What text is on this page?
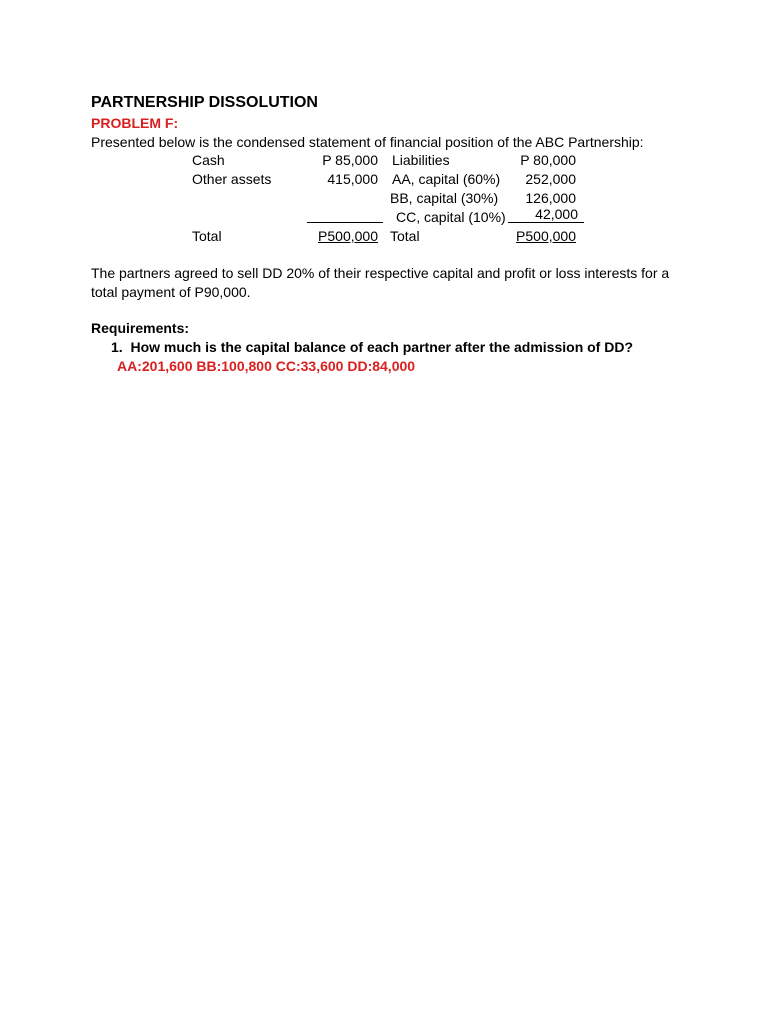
PARTNERSHIP DISSOLUTION
PROBLEM F:
Presented below is the condensed statement of financial position of the ABC Partnership:
Cash
Other assets
P 85,000
415,000
Liabilities
AA, capital (60%)
BB, capital (30%)
CC, capital (10%)
P 80,000
252,000
126,000
42,000
Total	P500,000 Total	P500,000
The partners agreed to sell DD 20% of their respective capital and profit or loss interests for a
total payment of P90,000.
Requirements:
1.  How much is the capital balance of each partner after the admission of DD?
AA:201,600 BB:100,800 CC:33,600 DD:84,000
